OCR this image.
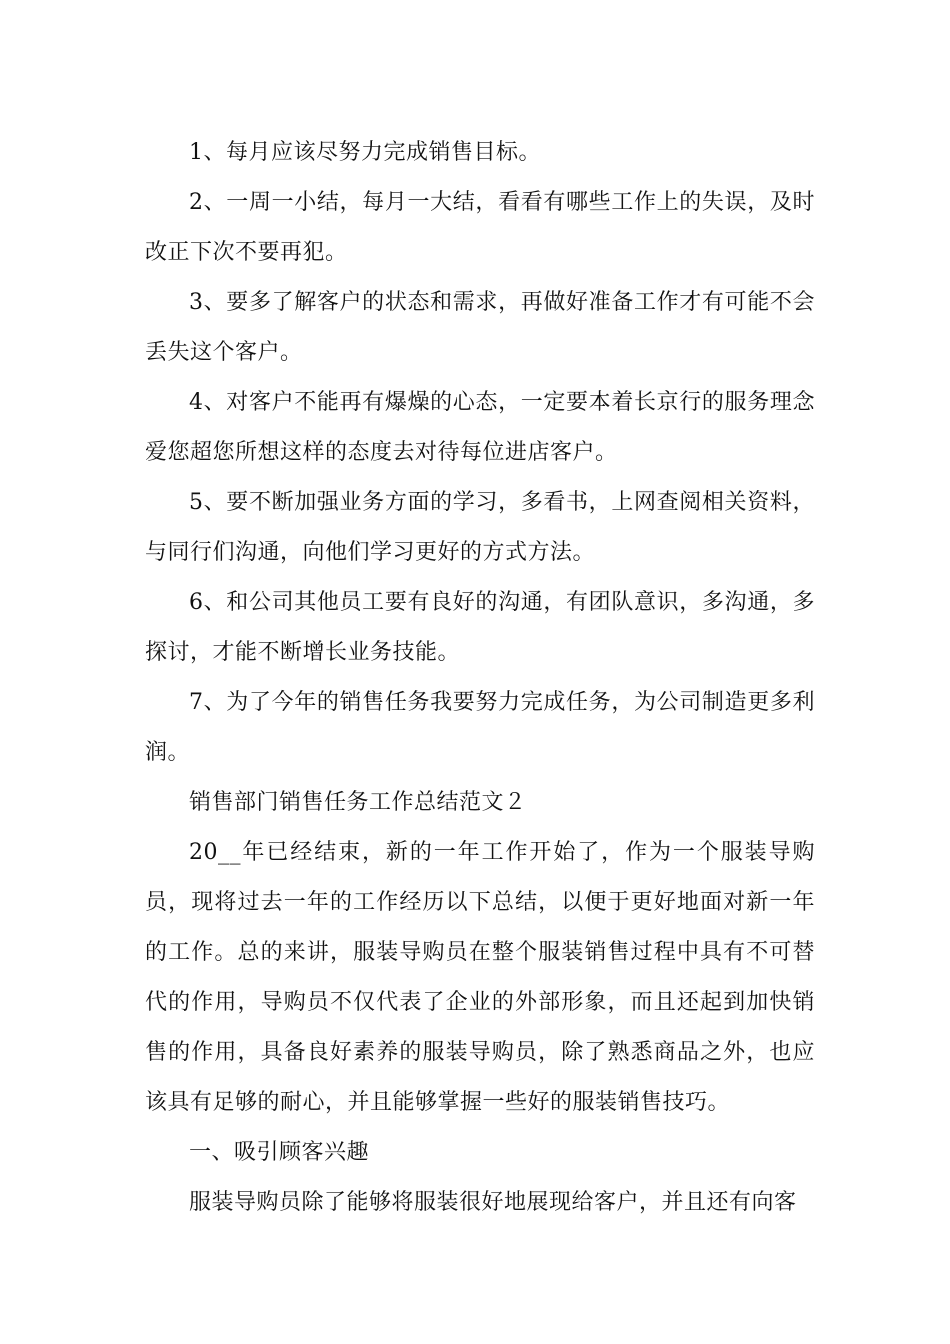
1、每月应该尽努力完成销售目标。

2、一周一小结，每月一大结，看看有哪些工作上的失误，及时改正下次不要再犯。

3、要多了解客户的状态和需求，再做好准备工作才有可能不会丢失这个客户。

4、对客户不能再有爆燥的心态，一定要本着长京行的服务理念爱您超您所想这样的态度去对待每位进店客户。

5、要不断加强业务方面的学习，多看书，上网查阅相关资料，与同行们沟通，向他们学习更好的方式方法。

6、和公司其他员工要有良好的沟通，有团队意识，多沟通，多探讨，才能不断增长业务技能。

7、为了今年的销售任务我要努力完成任务，为公司制造更多利润。

销售部门销售任务工作总结范文２

20__年已经结束，新的一年工作开始了，作为一个服装导购员，现将过去一年的工作经历以下总结，以便于更好地面对新一年的工作。总的来讲，服装导购员在整个服装销售过程中具有不可替代的作用，导购员不仅代表了企业的外部形象，而且还起到加快销售的作用，具备良好素养的服装导购员，除了熟悉商品之外，也应该具有足够的耐心，并且能够掌握一些好的服装销售技巧。

一、吸引顾客兴趣

服装导购员除了能够将服装很好地展现给客户，并且还有向客
